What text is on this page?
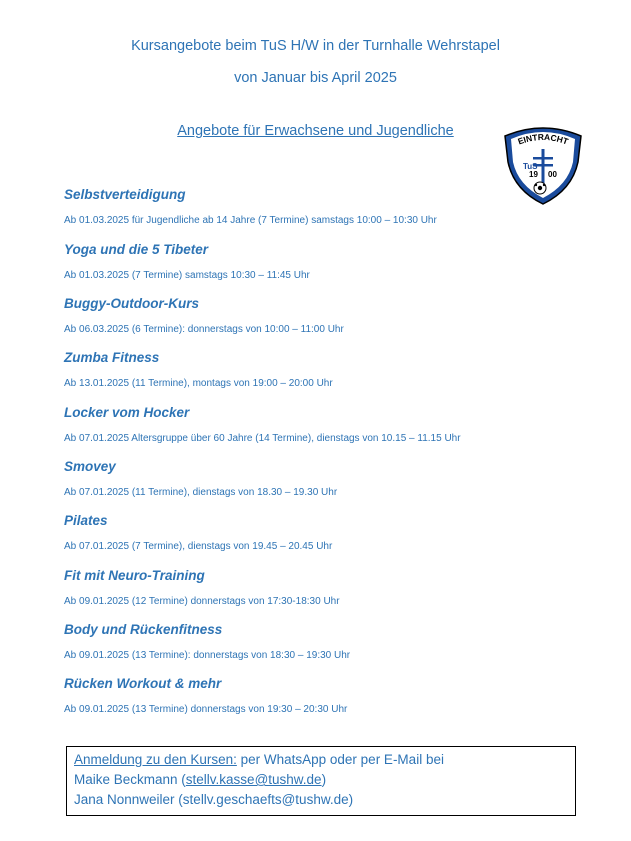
Kursangebote beim TuS H/W in der Turnhalle Wehrstapel
von Januar bis April 2025
Angebote für Erwachsene und Jugendliche
EINTRACHT
TuS
19 00
Selbstverteidigung
Ab 01.03.2025 für Jugendliche ab 14 Jahre (7 Termine) samstags 10:00 – 10:30 Uhr
Yoga und die 5 Tibeter
Ab 01.03.2025 (7 Termine) samstags 10:30 – 11:45 Uhr
Buggy-Outdoor-Kurs
Ab 06.03.2025 (6 Termine): donnerstags von 10:00 – 11:00 Uhr
Zumba Fitness
Ab 13.01.2025 (11 Termine), montags von 19:00 – 20:00 Uhr
Locker vom Hocker
Ab 07.01.2025 Altersgruppe über 60 Jahre (14 Termine), dienstags von 10.15 – 11.15 Uhr
Smovey
Ab 07.01.2025 (11 Termine), dienstags von 18.30 – 19.30 Uhr
Pilates
Ab 07.01.2025 (7 Termine), dienstags von 19.45 – 20.45 Uhr
Fit mit Neuro-Training
Ab 09.01.2025 (12 Termine) donnerstags von 17:30-18:30 Uhr
Body und Rückenfitness
Ab 09.01.2025 (13 Termine): donnerstags von 18:30 – 19:30 Uhr
Rücken Workout & mehr
Ab 09.01.2025 (13 Termine) donnerstags von 19:30 – 20:30 Uhr
Anmeldung zu den Kursen: per WhatsApp oder per E-Mail bei
Maike Beckmann (stellv.kasse@tushw.de)
Jana Nonnweiler (stellv.geschaefts@tushw.de)
